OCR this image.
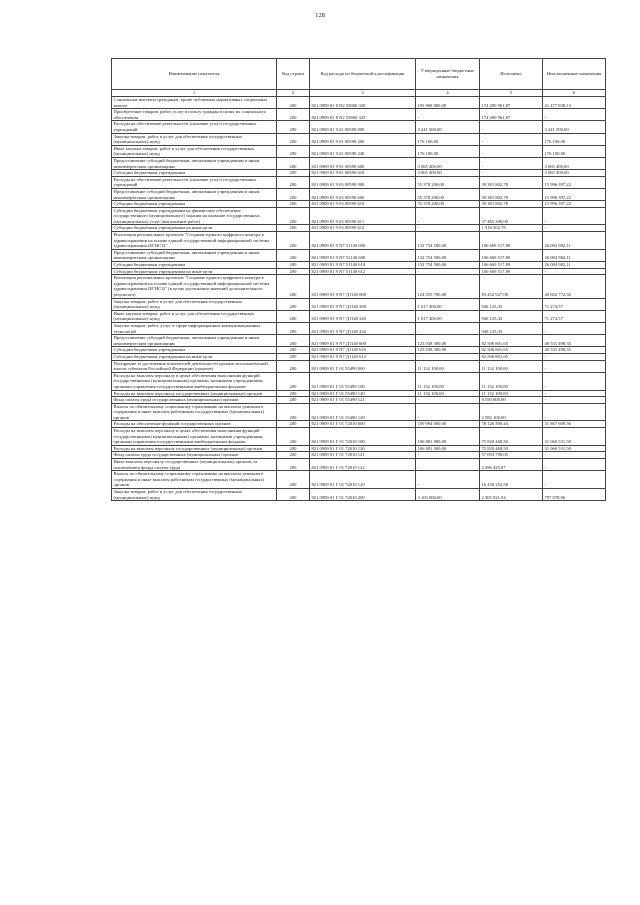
128
Наименование показателя	Код строки	Код расхода по бюджетной классификации	Утвержденные бюджетные назначения	Исполнено	Неисполненные назначения
1	2	3	4	5	6
Социальные выплаты гражданам, кроме публичных нормативных социальных выплат	200	821 0909 01 8 N2 55860 320	195 968 800,00	174 490 961,87	21 477 838,13
Приобретение товаров, работ, услуг в пользу граждан в целях их социального обеспечения	200	821 0909 01 8 N2 55860 323	-	174 490 961,87	-
Расходы на обеспечение деятельности (оказание услуг) государственных учреждений	200	821 0909 01 9 01 00590 000	3 241 500,00	-	3 241 500,00
Закупка товаров, работ и услуг для обеспечения государственных (муниципальных) нужд	200	821 0909 01 9 01 00590 200	176 100,00	-	176 100,00
Иные закупки товаров, работ и услуг для обеспечения государственных (муниципальных) нужд	200	821 0909 01 9 01 00590 240	176 100,00	-	176 100,00
Предоставление субсидий бюджетным, автономным учреждениям и иным некоммерческим организациям	200	821 0909 01 9 01 00590 600	3 065 400,00	-	3 065 400,00
Субсидии бюджетным учреждениям	200	821 0909 01 9 01 00590 610	3 065 400,00	-	3 065 400,00
Расходы на обеспечение деятельности (оказание услуг) государственных учреждений	200	821 0909 01 9 03 00590 000	55 378 200,00	39 381 802,78	15 996 397,22
Предоставление субсидий бюджетным, автономным учреждениям и иным некоммерческим организациям	200	821 0909 01 9 03 00590 600	55 378 200,00	39 381 802,78	15 996 397,22
Субсидии бюджетным учреждениям	200	821 0909 01 9 03 00590 610	55 378 200,00	39 381 802,78	15 996 397,22
Субсидии бюджетным учреждениям на финансовое обеспечение государственного (муниципального) задания на оказание государственных (муниципальных) услуг (выполнение работ)	200	821 0909 01 9 03 00590 611	-	37 465 300,00	-
Субсидии бюджетным учреждениям на иные цели	200	821 0909 01 9 03 00590 612	-	1 916 502,78	-
Реализация региональных проектов "Создание единого цифрового контура в здравоохранении на основе единой государственной информационной системы здравоохранения (ЕГИСЗ)"	200	821 0909 01 9 N7 51140 000	132 754 500,00	106 669 517,89	26 084 982,11
Предоставление субсидий бюджетным, автономным учреждениям и иным некоммерческим организациям	200	821 0909 01 9 N7 51140 600	132 754 500,00	106 669 517,89	26 084 982,11
Субсидии бюджетным учреждениям	200	821 0909 01 9 N7 51140 610	132 754 500,00	106 669 517,89	26 084 982,11
Субсидии бюджетным учреждениям на иные цели	200	821 0909 01 9 N7 51140 612	-	106 669 517,89	-
Реализация региональных проектов "Создание единого цифрового контура в здравоохранении на основе единой государственной информационной системы здравоохранения (ЕГИСЗ)" (в целях достижения значений дополнительного результата)	200	821 0909 01 9 N7 Д1140 000	124 055 700,00	83 452 927,08	40 602 772,92
Закупка товаров, работ и услуг для обеспечения государственных (муниципальных) нужд	200	821 0909 01 9 N7 Д1140 200	1 017 400,00	946 125,43	71 274,57
Иные закупки товаров, работ и услуг для обеспечения государственных (муниципальных) нужд	200	821 0909 01 9 N7 Д1140 240	1 017 400,00	946 125,43	71 274,57
Закупка товаров, работ, услуг в сфере информационно-коммуникационных технологий	200	821 0909 01 9 N7 Д1140 242	-	946 125,43	-
Предоставление субсидий бюджетным, автономным учреждениям и иным некоммерческим организациям	200	821 0909 01 9 N7 Д1140 600	123 038 300,00	82 506 801,65	40 531 498,35
Субсидии бюджетным учреждениям	200	821 0909 01 9 N7 Д1140 610	123 038 300,00	82 506 801,65	40 531 498,35
Субсидии бюджетным учреждениям на иные цели	200	821 0909 01 9 N7 Д1140 612	-	82 506 801,65	-
Поощрение за достижение показателей деятельности органов исполнительной власти субъектов Российской Федерации (грантов)	200	821 0909 01 Г 01 55490 000	11 132 100,00	11 132 100,00	-
Расходы на выплаты персоналу в целях обеспечения выполнения функций государственными (муниципальными) органами, казенными учреждениями, органами управления государственными внебюджетными фондами	200	821 0909 01 Г 01 55490 100	11 132 100,00	11 132 100,00	-
Расходы на выплаты персоналу государственных (муниципальных) органов	200	821 0909 01 Г 01 55490 120	11 132 100,00	11 132 100,00	-
Фонд оплаты труда государственных (муниципальных) органов	200	821 0909 01 Г 01 55490 121	-	8 550 000,00	-
Взносы по обязательному социальному страхованию на выплаты денежного содержания и иные выплаты работникам государственных (муниципальных) органов	200	821 0909 01 Г 01 55490 129	-	2 582 100,00	-
Расходы на обеспечение функций государственных органов	200	821 0909 01 Г 01 72010 000	109 994 000,00	78 126 390,44	31 867 609,56
Расходы на выплаты персоналу в целях обеспечения выполнения функций государственными (муниципальными) органами, казенными учреждениями, органами управления государственными внебюджетными фондами	200	821 0909 01 Г 01 72010 100	106 881 000,00	75 820 468,50	31 060 531,50
Расходы на выплаты персоналу государственных (муниципальных) органов	200	821 0909 01 Г 01 72010 120	106 881 000,00	75 820 468,50	31 060 531,50
Фонд оплаты труда государственных (муниципальных) органов	200	821 0909 01 Г 01 72010 121	-	57 093 790,05	-
Иные выплаты персоналу государственных (муниципальных) органов, за исключением фонда оплаты труда	200	821 0909 01 Г 01 72010 122	-	2 296 425,87	-
Взносы по обязательному социальному страхованию на выплаты денежного содержания и иные выплаты работникам государственных (муниципальных) органов	200	821 0909 01 Г 01 72010 129	-	16 430 252,58	-
Закупка товаров, работ и услуг для обеспечения государственных (муниципальных) нужд	200	821 0909 01 Г 01 72010 200	3 103 000,00	2 305 921,94	797 078,06
